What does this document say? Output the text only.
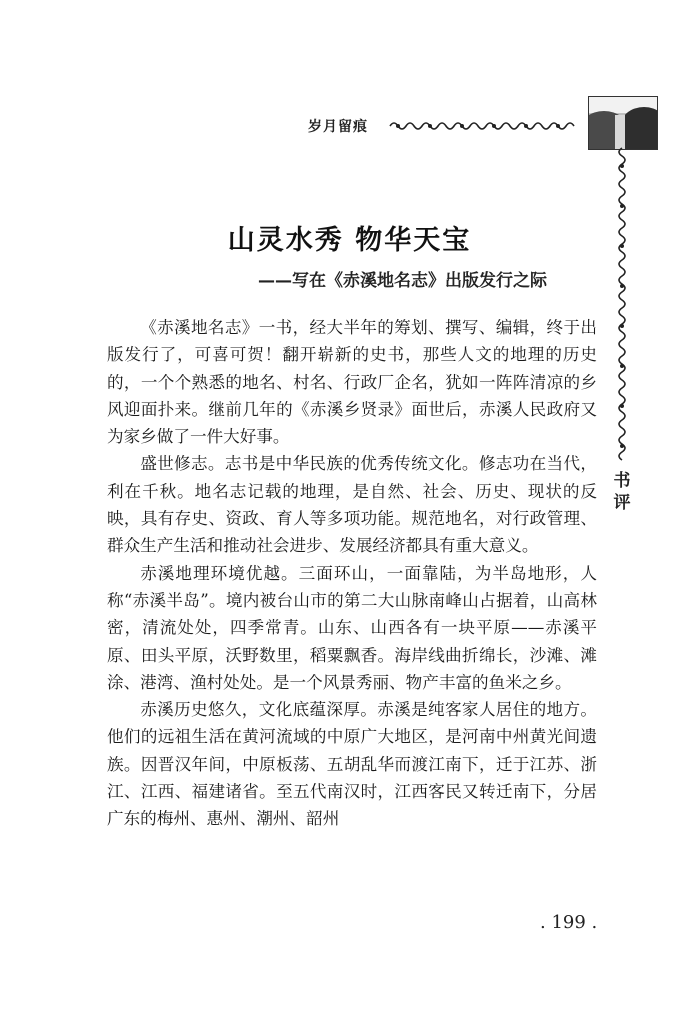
岁月留痕
书评
山灵水秀 物华天宝
——写在《赤溪地名志》出版发行之际

《赤溪地名志》一书，经大半年的筹划、撰写、编辑，终于出版发行了，可喜可贺！翻开崭新的史书，那些人文的地理的历史的，一个个熟悉的地名、村名、行政厂企名，犹如一阵阵清凉的乡风迎面扑来。继前几年的《赤溪乡贤录》面世后，赤溪人民政府又为家乡做了一件大好事。

盛世修志。志书是中华民族的优秀传统文化。修志功在当代，利在千秋。地名志记载的地理，是自然、社会、历史、现状的反映，具有存史、资政、育人等多项功能。规范地名，对行政管理、群众生产生活和推动社会进步、发展经济都具有重大意义。

赤溪地理环境优越。三面环山，一面靠陆，为半岛地形，人称“赤溪半岛”。境内被台山市的第二大山脉南峰山占据着，山高林密，清流处处，四季常青。山东、山西各有一块平原——赤溪平原、田头平原，沃野数里，稻粟飘香。海岸线曲折绵长，沙滩、滩涂、港湾、渔村处处。是一个风景秀丽、物产丰富的鱼米之乡。

赤溪历史悠久，文化底蕴深厚。赤溪是纯客家人居住的地方。他们的远祖生活在黄河流域的中原广大地区，是河南中州黄光间遗族。因晋汉年间，中原板荡、五胡乱华而渡江南下，迁于江苏、浙江、江西、福建诸省。至五代南汉时，江西客民又转迁南下，分居广东的梅州、惠州、潮州、韶州

. 199 .
